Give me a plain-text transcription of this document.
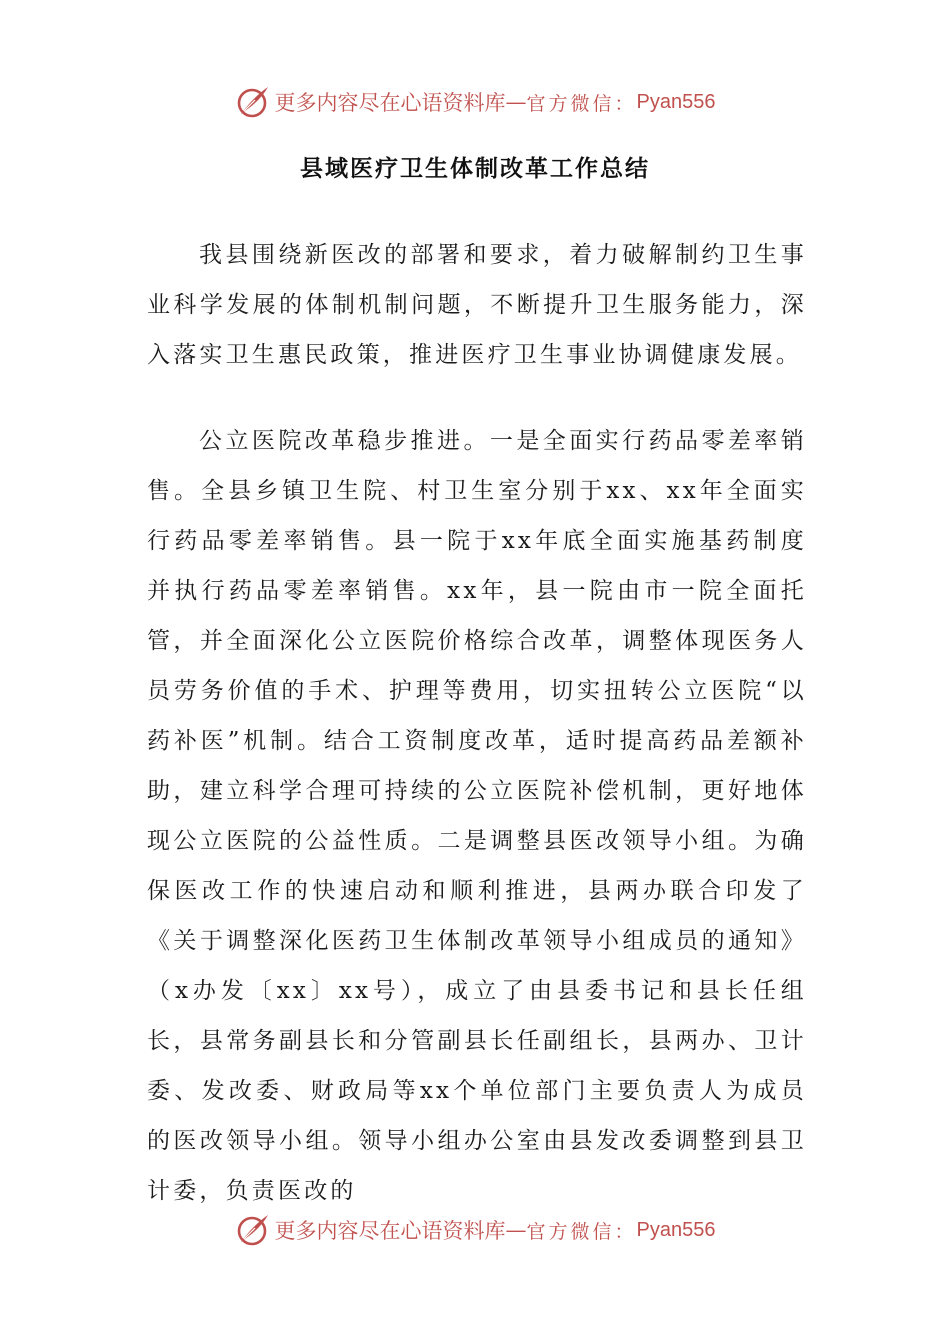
更多内容尽在心语资料库 — 官方微信： Pyan556
县域医疗卫生体制改革工作总结

我县围绕新医改的部署和要求，着力破解制约卫生事业科学发展的体制机制问题，不断提升卫生服务能力，深入落实卫生惠民政策，推进医疗卫生事业协调健康发展。

公立医院改革稳步推进。一是全面实行药品零差率销售。全县乡镇卫生院、村卫生室分别于xx、xx年全面实行药品零差率销售。县一院于xx年底全面实施基药制度并执行药品零差率销售。xx年，县一院由市一院全面托管，并全面深化公立医院价格综合改革，调整体现医务人员劳务价值的手术、护理等费用，切实扭转公立医院“以药补医”机制。结合工资制度改革，适时提高药品差额补助，建立科学合理可持续的公立医院补偿机制，更好地体现公立医院的公益性质。二是调整县医改领导小组。为确保医改工作的快速启动和顺利推进，县两办联合印发了《关于调整深化医药卫生体制改革领导小组成员的通知》（x办发〔xx〕xx号），成立了由县委书记和县长任组长，县常务副县长和分管副县长任副组长，县两办、卫计委、发改委、财政局等xx个单位部门主要负责人为成员的医改领导小组。领导小组办公室由县发改委调整到县卫计委，负责医改的

更多内容尽在心语资料库 — 官方微信： Pyan556
